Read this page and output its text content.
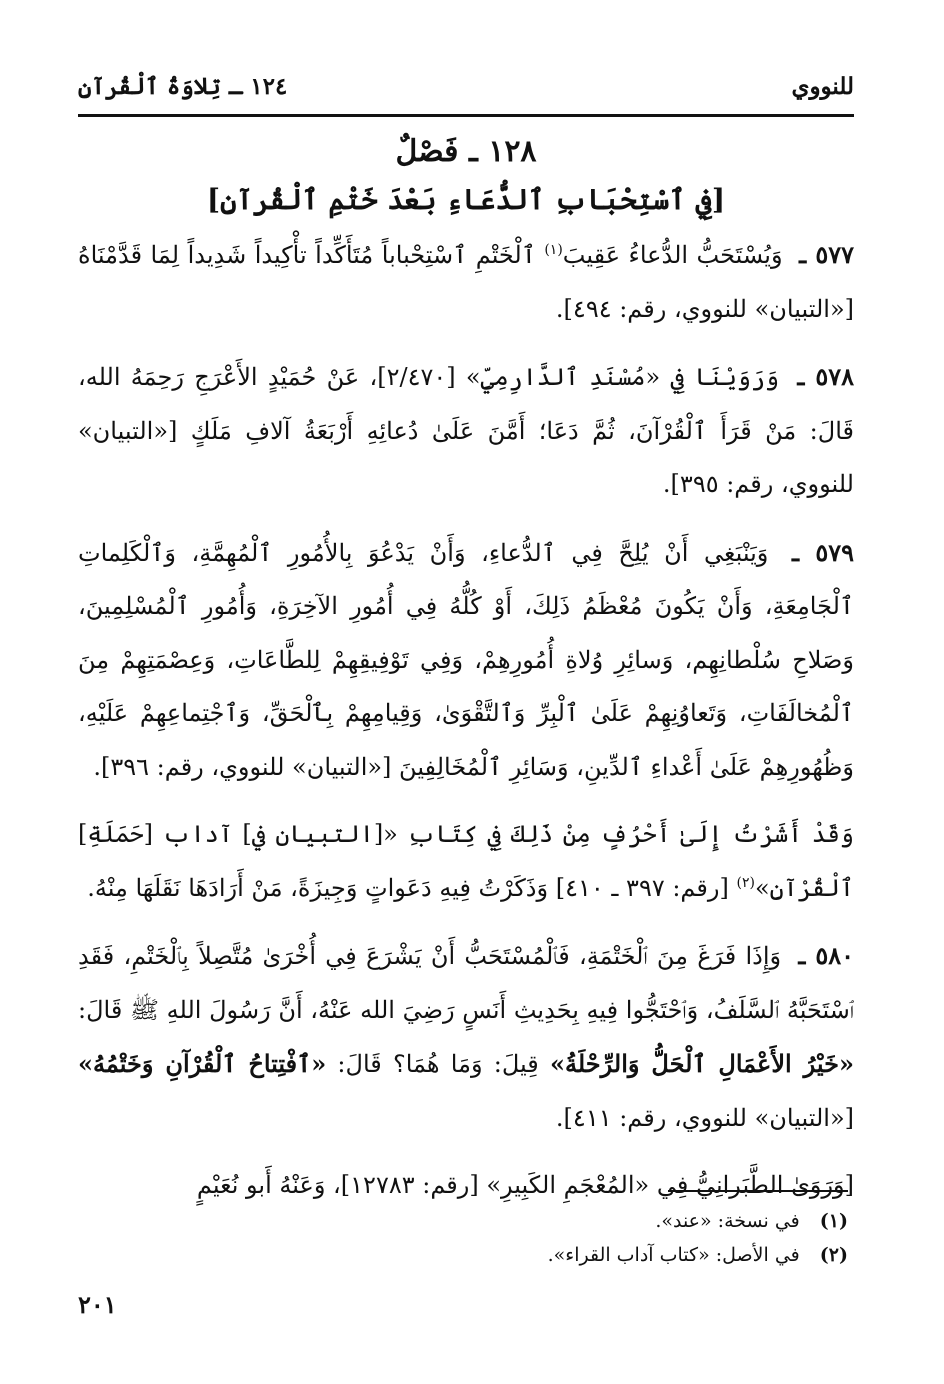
للنووي
١٢٤ ـ تِلاوَةُ ٱلْقُرآنِ
١٢٨ ـ فَصْلٌ
[فِي ٱسْتِحْبَابِ ٱلدُّعَاءِ بَعْدَ خَتْمِ ٱلْقُرآنِ]

٥٧٧ ـ وَيُسْتَحَبُّ الدُّعاءُ عَقِيبَ$^{(١)}$ ٱلْخَتْمِ ٱسْتِحْباباً مُتَأَكِّداً تأْكِيداً شَدِيداً لِمَا قَدَّمْنَاهُ [«التبيان» للنووي، رقم: ٤٩٤].

٥٧٨ ـ وَرَوَيْنَا فِي «مُسْنَدِ ٱلدَّارِمِيِّ» [٢/٤٧٠]، عَنْ حُمَيْدٍ الأَعْرَجِ رَحِمَهُ الله، قَالَ: مَنْ قَرَأَ ٱلْقُرْآنَ، ثُمَّ دَعَا؛ أَمَّنَ عَلَىٰ دُعائِهِ أَرْبَعَةُ آلافِ مَلَكٍ [«التبيان» للنووي، رقم: ٣٩٥].

٥٧٩ ـ وَيَنْبَغِي أَنْ يُلِحَّ فِي ٱلدُّعاءِ، وَأَنْ يَدْعُوَ بِالأُمُورِ ٱلْمُهِمَّةِ، وَٱلْكَلِماتِ ٱلْجَامِعَةِ، وَأَنْ يَكُونَ مُعْظَمُ ذَلِكَ، أَوْ كُلُّهُ فِي أُمُورِ الآخِرَةِ، وَأُمُورِ ٱلْمُسْلِمِينَ، وَصَلاحِ سُلْطانِهِم، وَسائِرِ وُلاةِ أُمُورِهِمْ، وَفِي تَوْفِيقِهِمْ لِلطَّاعَاتِ، وَعِصْمَتِهِمْ مِنَ ٱلْمُخالَفَاتِ، وَتَعاوُنِهِمْ عَلَىٰ ٱلْبِرِّ وَٱلتَّقْوَىٰ، وَقِيامِهِمْ بِٱلْحَقِّ، وَٱجْتِماعِهِمْ عَلَيْهِ، وَظُهُورِهِمْ عَلَىٰ أَعْداءِ ٱلدِّينِ، وَسَائِرِ ٱلْمُخَالِفِينَ [«التبيان» للنووي، رقم: ٣٩٦].

وَقَدْ أَشَرْتُ إِلَىٰ أَحْرُفٍ مِنْ ذَلِكَ فِي كِتَابِ «[التبيان في] آداب [حَمَلَةِ] ٱلْقُرْآنِ»$^{(٢)}$ [رقم: ٣٩٧ ـ ٤١٠] وَذَكَرْتُ فِيهِ دَعَواتٍ وَجِيزَةً، مَنْ أَرَادَهَا نَقَلَهَا مِنْهُ.

٥٨٠ ـ وَإِذَا فَرَغَ مِنَ ٱلْخَتْمَةِ، فَٱلْمُسْتَحَبُّ أَنْ يَشْرَعَ فِي أُخْرَىٰ مُتَّصِلاً بِٱلْخَتْمِ، فَقَدِ ٱسْتَحَبَّهُ ٱلسَّلَفُ، وَٱحْتَجُّوا فِيهِ بِحَدِيثِ أَنَسٍ رَضِيَ الله عَنْهُ، أَنَّ رَسُولَ اللهِ ﷺ قَالَ: «خَيْرُ الأَعْمَالِ ٱلْحَلُّ وَالرِّحْلَةُ» قِيلَ: وَمَا هُمَا؟ قَالَ: «ٱفْتِتاحُ ٱلْقُرْآنِ وَخَتْمُهُ» [«التبيان» للنووي، رقم: ٤١١].

[وَرَوَىٰ الطَّبَرانِيُّ فِي «المُعْجَمِ الكَبِيرِ» [رقم: ١٢٧٨٣]، وَعَنْهُ أَبو نُعَيْمٍ

(١) في نسخة: «عند».
(٢) في الأصل: «كتاب آداب القراء».
٢٠١
